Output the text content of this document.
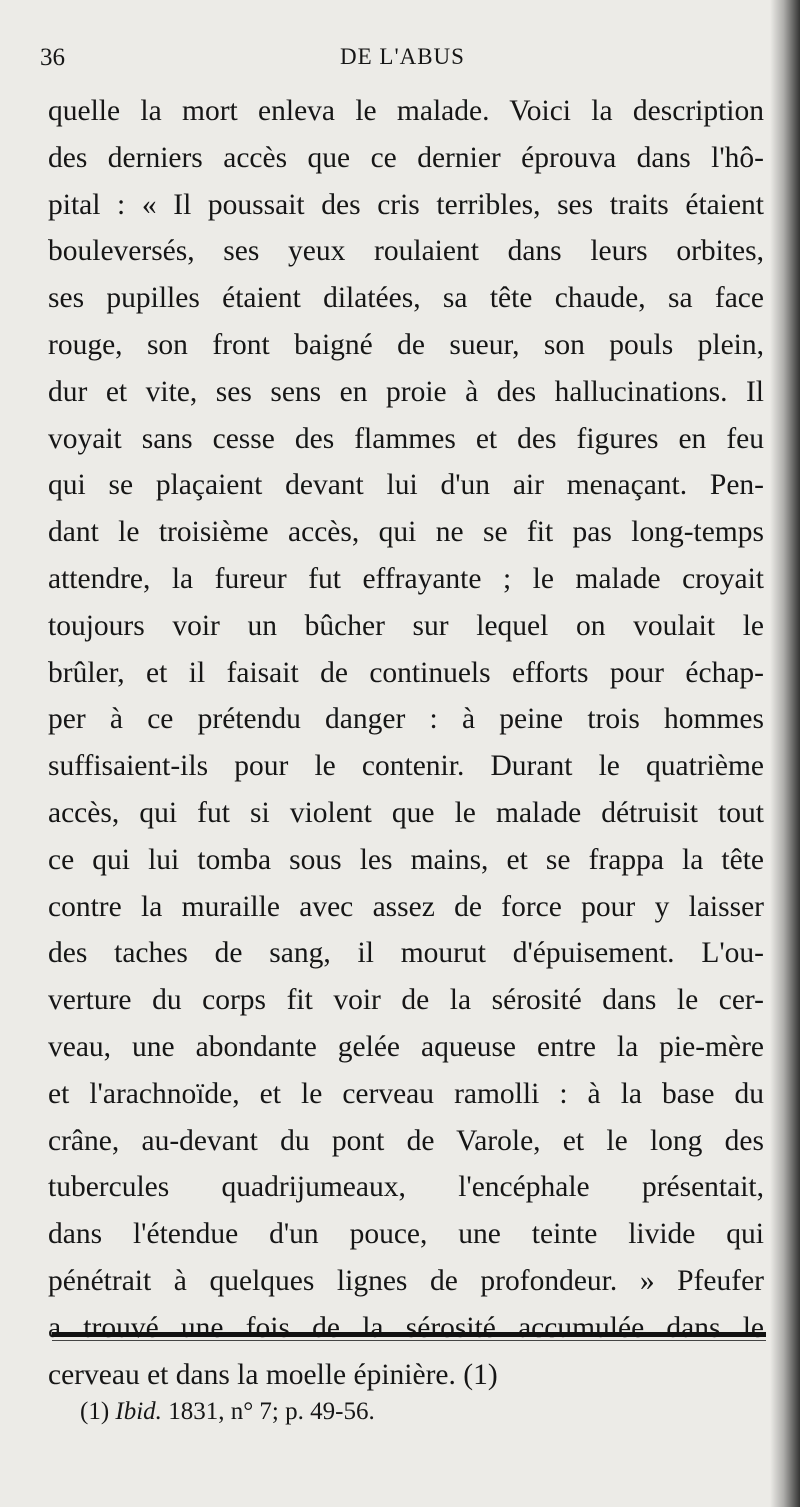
36	DE L'ABUS
quelle la mort enleva le malade. Voici la description
des derniers accès que ce dernier éprouva dans l'hô-
pital : « Il poussait des cris terribles, ses traits étaient
bouleversés, ses yeux roulaient dans leurs orbites,
ses pupilles étaient dilatées, sa tête chaude, sa face
rouge, son front baigné de sueur, son pouls plein,
dur et vite, ses sens en proie à des hallucinations. Il
voyait sans cesse des flammes et des figures en feu
qui se plaçaient devant lui d'un air menaçant. Pen-
dant le troisième accès, qui ne se fit pas long-temps
attendre, la fureur fut effrayante ; le malade croyait
toujours voir un bûcher sur lequel on voulait le
brûler, et il faisait de continuels efforts pour échap-
per à ce prétendu danger : à peine trois hommes
suffisaient-ils pour le contenir. Durant le quatrième
accès, qui fut si violent que le malade détruisit tout
ce qui lui tomba sous les mains, et se frappa la tête
contre la muraille avec assez de force pour y laisser
des taches de sang, il mourut d'épuisement. L'ou-
verture du corps fit voir de la sérosité dans le cer-
veau, une abondante gelée aqueuse entre la pie-mère
et l'arachnoïde, et le cerveau ramolli : à la base du
crâne, au-devant du pont de Varole, et le long des
tubercules quadrijumeaux, l'encéphale présentait,
dans l'étendue d'un pouce, une teinte livide qui
pénétrait à quelques lignes de profondeur. » Pfeufer
a trouvé une fois de la sérosité accumulée dans le
cerveau et dans la moelle épinière. (1)
(1) Ibid. 1831, n° 7; p. 49-56.
